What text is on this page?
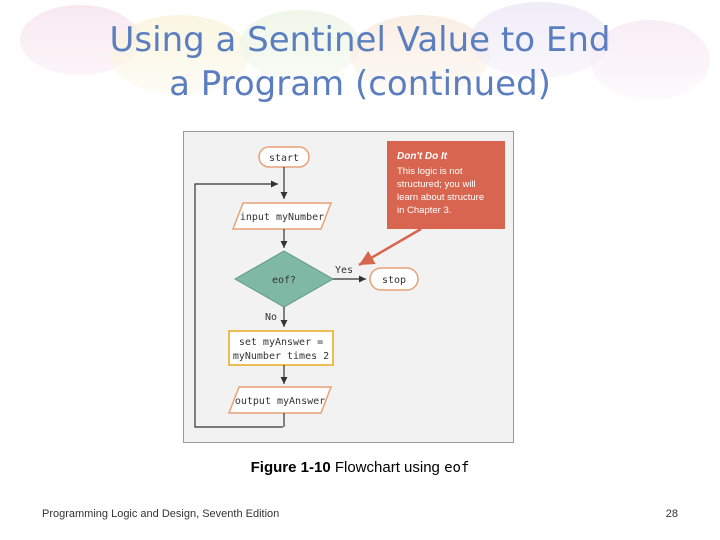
Using a Sentinel Value to End
a Program (continued)
start
input myNumber
eof?
Yes
stop
No
set myAnswer =
myNumber times 2
output myAnswer
Don't Do It
This logic is not
structured; you will
learn about structure
in Chapter 3.
Figure 1-10 Flowchart using eof
Programming Logic and Design, Seventh Edition	28
